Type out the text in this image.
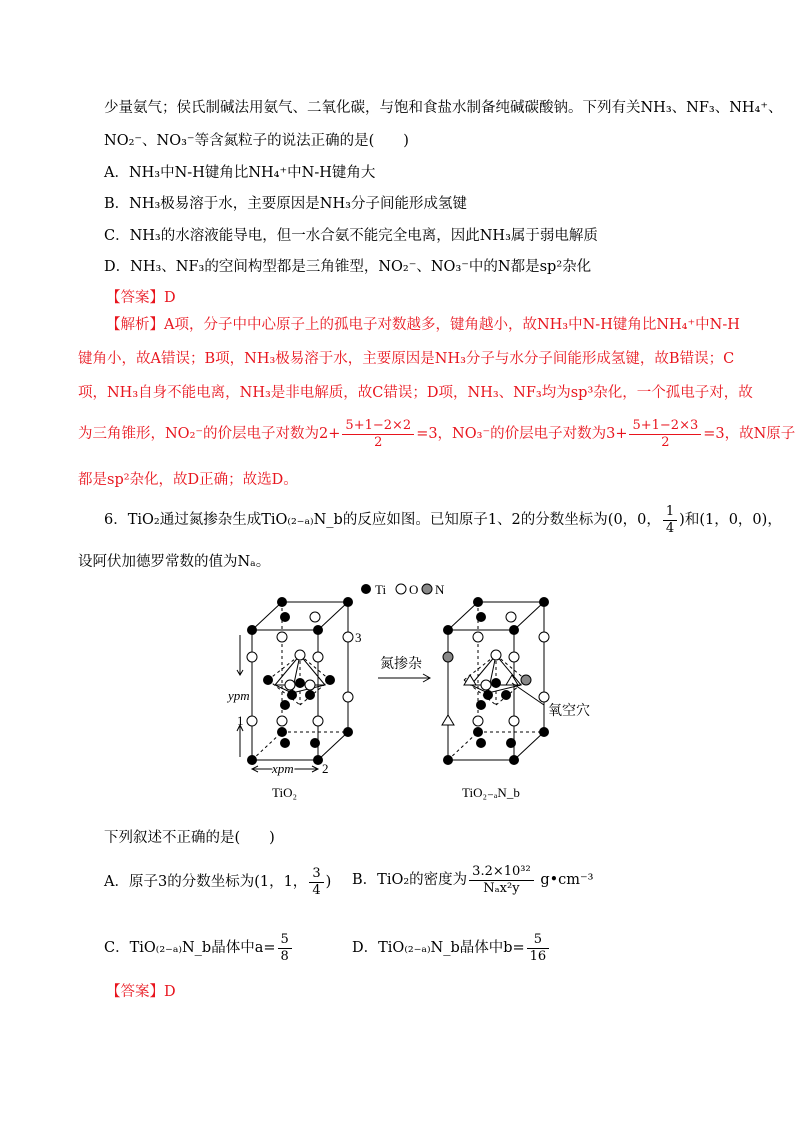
少量氨气；侯氏制碱法用氨气、二氧化碳，与饱和食盐水制备纯碱碳酸钠。下列有关NH₃、NF₃、NH₄⁺、
NO₂⁻、NO₃⁻等含氮粒子的说法正确的是(　　)
A．NH₃中N-H键角比NH₄⁺中N-H键角大
B．NH₃极易溶于水，主要原因是NH₃分子间能形成氢键
C．NH₃的水溶液能导电，但一水合氨不能完全电离，因此NH₃属于弱电解质
D．NH₃、NF₃的空间构型都是三角锥型，NO₂⁻、NO₃⁻中的N都是sp²杂化
【答案】D
【解析】A项，分子中中心原子上的孤电子对数越多，键角越小，故NH₃中N-H键角比NH₄⁺中N-H
键角小，故A错误；B项，NH₃极易溶于水，主要原因是NH₃分子与水分子间能形成氢键，故B错误；C
项，NH₃自身不能电离，NH₃是非电解质，故C错误；D项，NH₃、NF₃均为sp³杂化，一个孤电子对，故
为三角锥形，NO₂⁻的价层电子对数为$2+ \frac{5+1-2\times 2}{2} =3$，NO₃⁻的价层电子对数为$3+ \frac{5+1-2\times 3}{2} =3$，故N原子
都是sp²杂化，故D正确；故选D。
6．TiO₂通过氮掺杂生成TiO₍₂₋ₐ₎N_b的反应如图。已知原子1、2的分数坐标为(0，0， $\frac{1}{4}$ )和(1，0，0)，
设阿伏加德罗常数的值为Nₐ。
Ti O N
3
1
2
ypm
xpm
TiO₂
氮掺杂
氧空穴
TiO₂₋ₐN_b
下列叙述不正确的是(　　)
A．原子3的分数坐标为(1，1， $\frac{3}{4}$ ) B．TiO₂的密度为 $\frac{\text{3.2×10³²}}{\text{Nₐx²y}}$ g•cm⁻³
C．TiO₍₂₋ₐ₎N_b晶体中$a= \frac{5}{8}$	D．TiO₍₂₋ₐ₎N_b晶体中$b= \frac{5}{16}$
【答案】D
